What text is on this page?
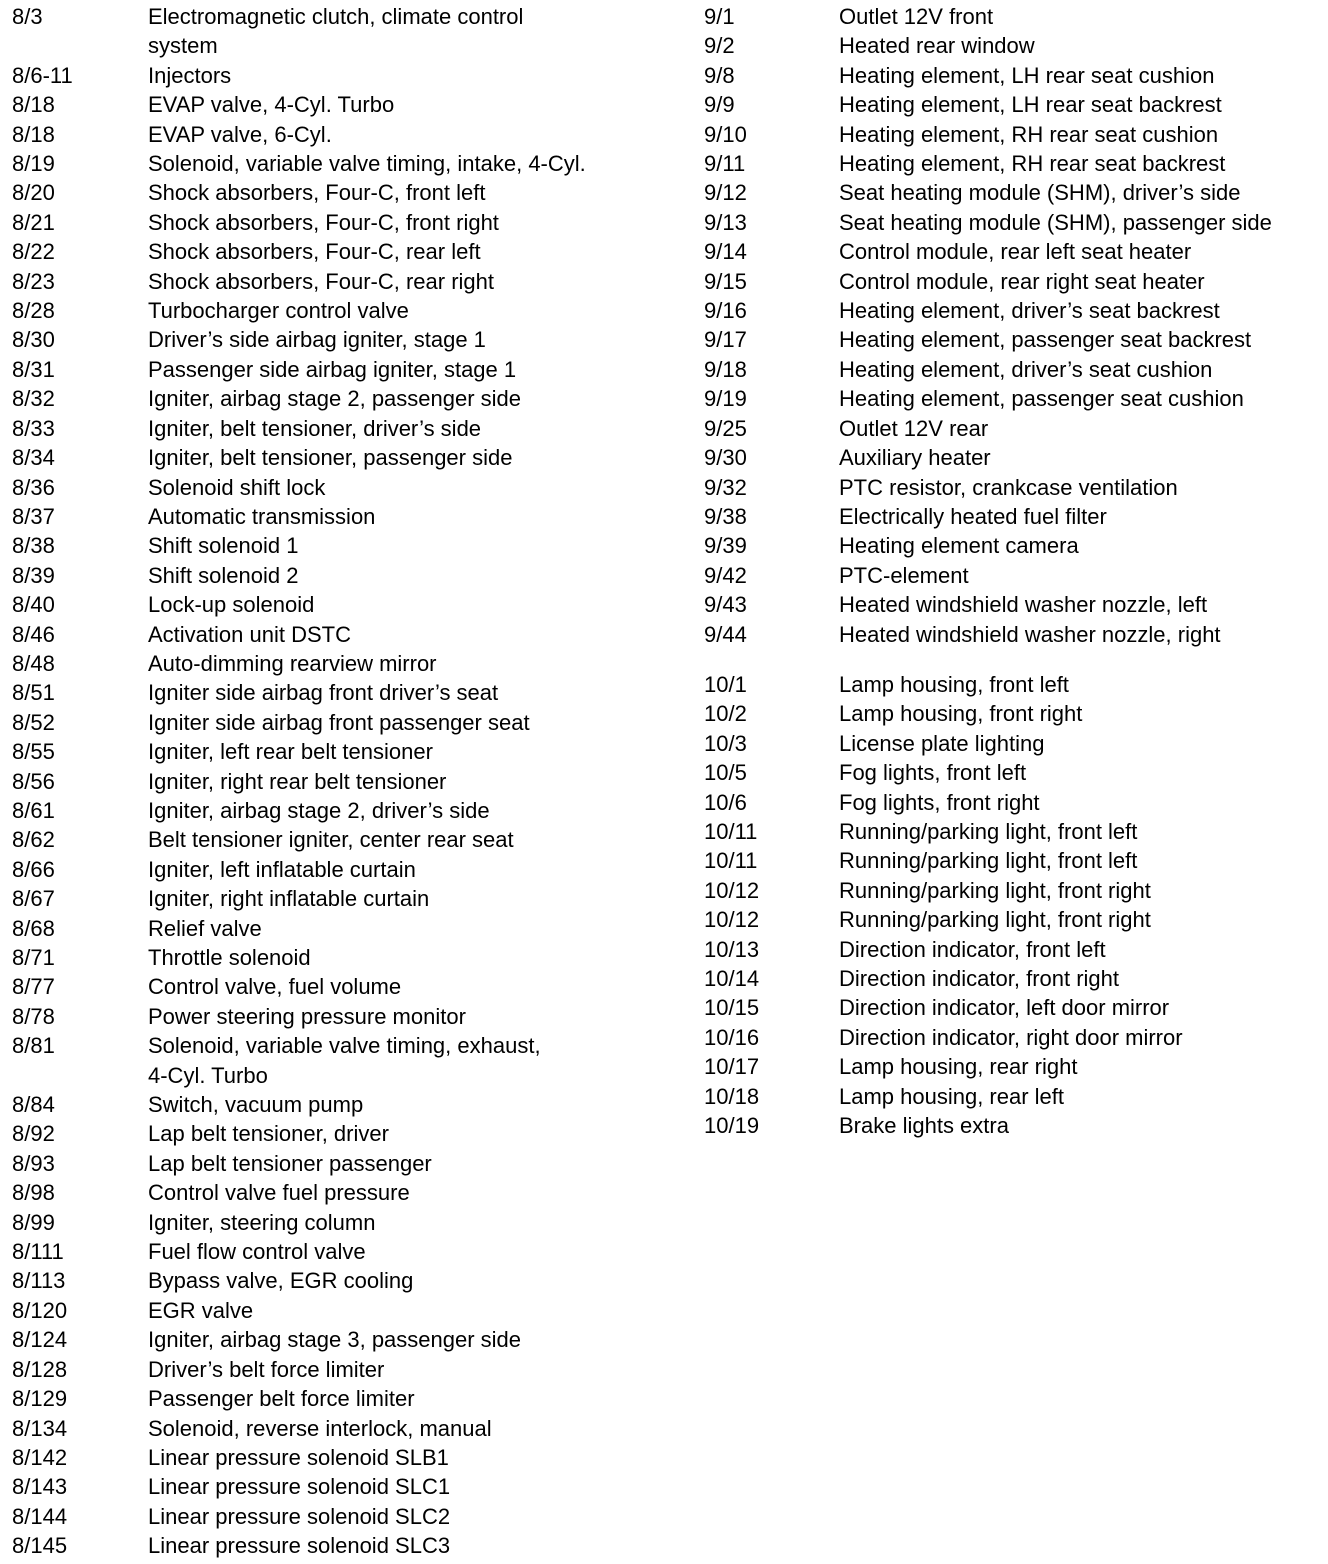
8/3	Electromagnetic clutch, climate control
system
8/6-11	Injectors
8/18	EVAP valve, 4-Cyl. Turbo
8/18	EVAP valve, 6-Cyl.
8/19	Solenoid, variable valve timing, intake, 4-Cyl.
8/20	Shock absorbers, Four-C, front left
8/21	Shock absorbers, Four-C, front right
8/22	Shock absorbers, Four-C, rear left
8/23	Shock absorbers, Four-C, rear right
8/28	Turbocharger control valve
8/30	Driver’s side airbag igniter, stage 1
8/31	Passenger side airbag igniter, stage 1
8/32	Igniter, airbag stage 2, passenger side
8/33	Igniter, belt tensioner, driver’s side
8/34	Igniter, belt tensioner, passenger side
8/36	Solenoid shift lock
8/37	Automatic transmission
8/38	Shift solenoid 1
8/39	Shift solenoid 2
8/40	Lock-up solenoid
8/46	Activation unit DSTC
8/48	Auto-dimming rearview mirror
8/51	Igniter side airbag front driver’s seat
8/52	Igniter side airbag front passenger seat
8/55	Igniter, left rear belt tensioner
8/56	Igniter, right rear belt tensioner
8/61	Igniter, airbag stage 2, driver’s side
8/62	Belt tensioner igniter, center rear seat
8/66	Igniter, left inflatable curtain
8/67	Igniter, right inflatable curtain
8/68	Relief valve
8/71	Throttle solenoid
8/77	Control valve, fuel volume
8/78	Power steering pressure monitor
8/81	Solenoid, variable valve timing, exhaust,
4-Cyl. Turbo
8/84	Switch, vacuum pump
8/92	Lap belt tensioner, driver
8/93	Lap belt tensioner passenger
8/98	Control valve fuel pressure
8/99	Igniter, steering column
8/111	Fuel flow control valve
8/113	Bypass valve, EGR cooling
8/120	EGR valve
8/124	Igniter, airbag stage 3, passenger side
8/128	Driver’s belt force limiter
8/129	Passenger belt force limiter
8/134	Solenoid, reverse interlock, manual
8/142	Linear pressure solenoid SLB1
8/143	Linear pressure solenoid SLC1
8/144	Linear pressure solenoid SLC2
8/145	Linear pressure solenoid SLC3
9/1	Outlet 12V front
9/2	Heated rear window
9/8	Heating element, LH rear seat cushion
9/9	Heating element, LH rear seat backrest
9/10	Heating element, RH rear seat cushion
9/11	Heating element, RH rear seat backrest
9/12	Seat heating module (SHM), driver’s side
9/13	Seat heating module (SHM), passenger side
9/14	Control module, rear left seat heater
9/15	Control module, rear right seat heater
9/16	Heating element, driver’s seat backrest
9/17	Heating element, passenger seat backrest
9/18	Heating element, driver’s seat cushion
9/19	Heating element, passenger seat cushion
9/25	Outlet 12V rear
9/30	Auxiliary heater
9/32	PTC resistor, crankcase ventilation
9/38	Electrically heated fuel filter
9/39	Heating element camera
9/42	PTC-element
9/43	Heated windshield washer nozzle, left
9/44	Heated windshield washer nozzle, right
10/1	Lamp housing, front left
10/2	Lamp housing, front right
10/3	License plate lighting
10/5	Fog lights, front left
10/6	Fog lights, front right
10/11	Running/parking light, front left
10/11	Running/parking light, front left
10/12	Running/parking light, front right
10/12	Running/parking light, front right
10/13	Direction indicator, front left
10/14	Direction indicator, front right
10/15	Direction indicator, left door mirror
10/16	Direction indicator, right door mirror
10/17	Lamp housing, rear right
10/18	Lamp housing, rear left
10/19	Brake lights extra
